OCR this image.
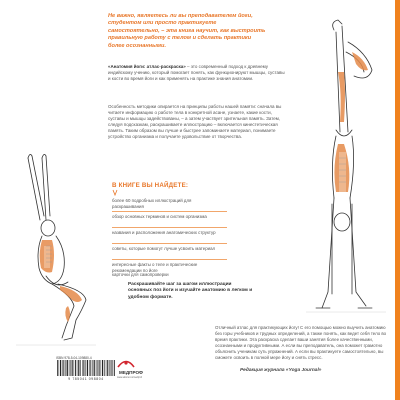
Не важно, являетесь ли вы преподавателем йоги, студентом или просто практикуете самостоятельно, – эта книга научит, как выстроить правильную работу с телом и сделать практики более осознанными.
«Анатомия йоги: атлас-раскраска» – это современный подход к древнему индийскому учению, который помогает понять, как функционируют мышцы, суставы и кости во время йоги и как применять на практике знания анатомии.
Особенность методики опирается на принципы работы нашей памяти: сначала вы читаете информацию о работе тела в конкретной асане, узнаете, какие кости, суставы и мышцы задействованы, – а затем участвует зрительная память. Затем, следуя подсказкам, раскрашиваете иллюстрацию – включается кинестетическая память. Таким образом вы лучше и быстрее запоминаете материал, понимаете устройство организма и получаете удовольствие от творчества.
В КНИГЕ ВЫ НАЙДЕТЕ:
более 60 подробных иллюстраций для раскрашивания
обзор основных терминов и систем организма
названия и расположения анатомических структур
советы, которые помогут лучше усвоить материал
интересные факты о теле и практические рекомендации по йоге
карточки для самопроверки
Раскрашивайте шаг за шагом иллюстрации основных поз йоги и изучайте анатомию в легком и удобном формате.
Отличный атлас для практикующих йогу! С его помощью можно выучить анатомию без горы учебников и трудных определений, а также понять, как ведет себя тело во время практики. Эта раскраска сделает ваши занятия более качественными, осознанными и продуктивными. А если вы преподаватель, она поможет грамотно объяснить ученикам суть упражнений. А если вы практикуете самостоятельно, вы сможете освоить в полной мере йогу и снять стресс.
Редакция журнала «Yoga Journal»
ISBN 978-5-04-109880-4
9 785041 098804
МЕДПРОФ
www.eksmo.ru/medprof
